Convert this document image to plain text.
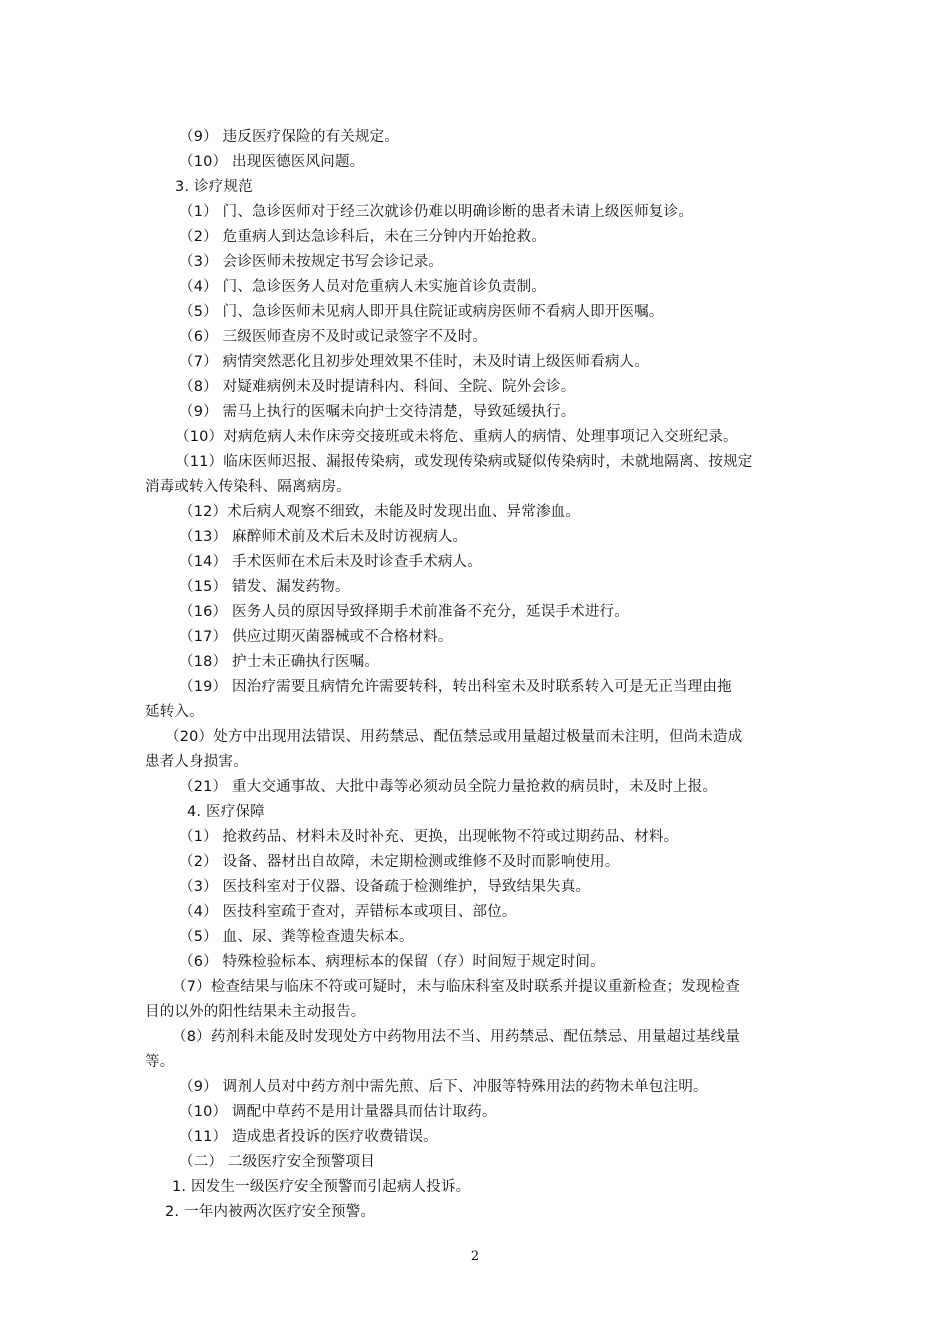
（9） 违反医疗保险的有关规定。
（10） 出现医德医风问题。
3. 诊疗规范
（1） 门、急诊医师对于经三次就诊仍难以明确诊断的患者未请上级医师复诊。
（2） 危重病人到达急诊科后，未在三分钟内开始抢救。
（3） 会诊医师未按规定书写会诊记录。
（4） 门、急诊医务人员对危重病人未实施首诊负责制。
（5） 门、急诊医师未见病人即开具住院证或病房医师不看病人即开医嘱。
（6） 三级医师查房不及时或记录签字不及时。
（7） 病情突然恶化且初步处理效果不佳时，未及时请上级医师看病人。
（8） 对疑难病例未及时提请科内、科间、全院、院外会诊。
（9） 需马上执行的医嘱未向护士交待清楚，导致延缓执行。
（10）对病危病人未作床旁交接班或未将危、重病人的病情、处理事项记入交班纪录。
（11）临床医师迟报、漏报传染病，或发现传染病或疑似传染病时，未就地隔离、按规定
消毒或转入传染科、隔离病房。
（12）术后病人观察不细致，未能及时发现出血、异常渗血。
（13） 麻醉师术前及术后未及时访视病人。
（14） 手术医师在术后未及时诊查手术病人。
（15） 错发、漏发药物。
（16） 医务人员的原因导致择期手术前准备不充分，延误手术进行。
（17） 供应过期灭菌器械或不合格材料。
（18） 护士未正确执行医嘱。
（19） 因治疗需要且病情允许需要转科，转出科室未及时联系转入可是无正当理由拖
延转入。
（20）处方中出现用法错误、用药禁忌、配伍禁忌或用量超过极量而未注明，但尚未造成
患者人身损害。
（21） 重大交通事故、大批中毒等必须动员全院力量抢救的病员时，未及时上报。
4. 医疗保障
（1） 抢救药品、材料未及时补充、更换，出现帐物不符或过期药品、材料。
（2） 设备、器材出自故障，未定期检测或维修不及时而影响使用。
（3） 医技科室对于仪器、设备疏于检测维护，导致结果失真。
（4） 医技科室疏于查对，弄错标本或项目、部位。
（5） 血、尿、粪等检查遗失标本。
（6） 特殊检验标本、病理标本的保留（存）时间短于规定时间。
（7）检查结果与临床不符或可疑时，未与临床科室及时联系并提议重新检查；发现检查
目的以外的阳性结果未主动报告。
（8）药剂科未能及时发现处方中药物用法不当、用药禁忌、配伍禁忌、用量超过基线量
等。
（9） 调剂人员对中药方剂中需先煎、后下、冲服等特殊用法的药物未单包注明。
（10） 调配中草药不是用计量器具而估计取药。
（11） 造成患者投诉的医疗收费错误。
（二） 二级医疗安全预警项目
1. 因发生一级医疗安全预警而引起病人投诉。
2. 一年内被两次医疗安全预警。
2
